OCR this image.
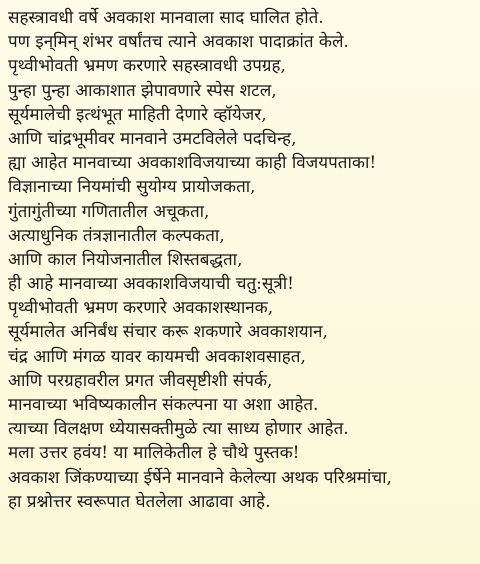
सहस्त्रावधी वर्षे अवकाश मानवाला साद घालित होते.
पण इन्‌मिन्‌ शंभर वर्षांतच त्याने अवकाश पादाक्रांत केले.
पृथ्वीभोवती भ्रमण करणारे सहस्त्रावधी उपग्रह,
पुन्हा पुन्हा आकाशात झेपावणारे स्पेस शटल,
सूर्यमालेची इत्थंभूत माहिती देणारे व्हॉयेजर,
आणि चांद्रभूमीवर मानवाने उमटविलेले पदचिन्ह,
ह्या आहेत मानवाच्या अवकाशविजयाच्या काही विजयपताका!
विज्ञानाच्या नियमांची सुयोग्य प्रायोजकता,
गुंतागुंतीच्या गणितातील अचूकता,
अत्याधुनिक तंत्रज्ञानातील कल्पकता,
आणि काल नियोजनातील शिस्तबद्धता,
ही आहे मानवाच्या अवकाशविजयाची चतु:सूत्री!
पृथ्वीभोवती भ्रमण करणारे अवकाशस्थानक,
सूर्यमालेत अनिर्बंध संचार करू शकणारे अवकाशयान,
चंद्र आणि मंगळ यावर कायमची अवकाशवसाहत,
आणि परग्रहावरील प्रगत जीवसृष्टीशी संपर्क,
मानवाच्या भविष्यकालीन संकल्पना या अशा आहेत.
त्याच्या विलक्षण ध्येयासक्तीमुळे त्या साध्य होणार आहेत.
मला उत्तर हवंय! या मालिकेतील हे चौथे पुस्तक!
अवकाश जिंकण्याच्या ईर्षेने मानवाने केलेल्या अथक परिश्रमांचा,
हा प्रश्नोत्तर स्वरूपात घेतलेला आढावा आहे.
